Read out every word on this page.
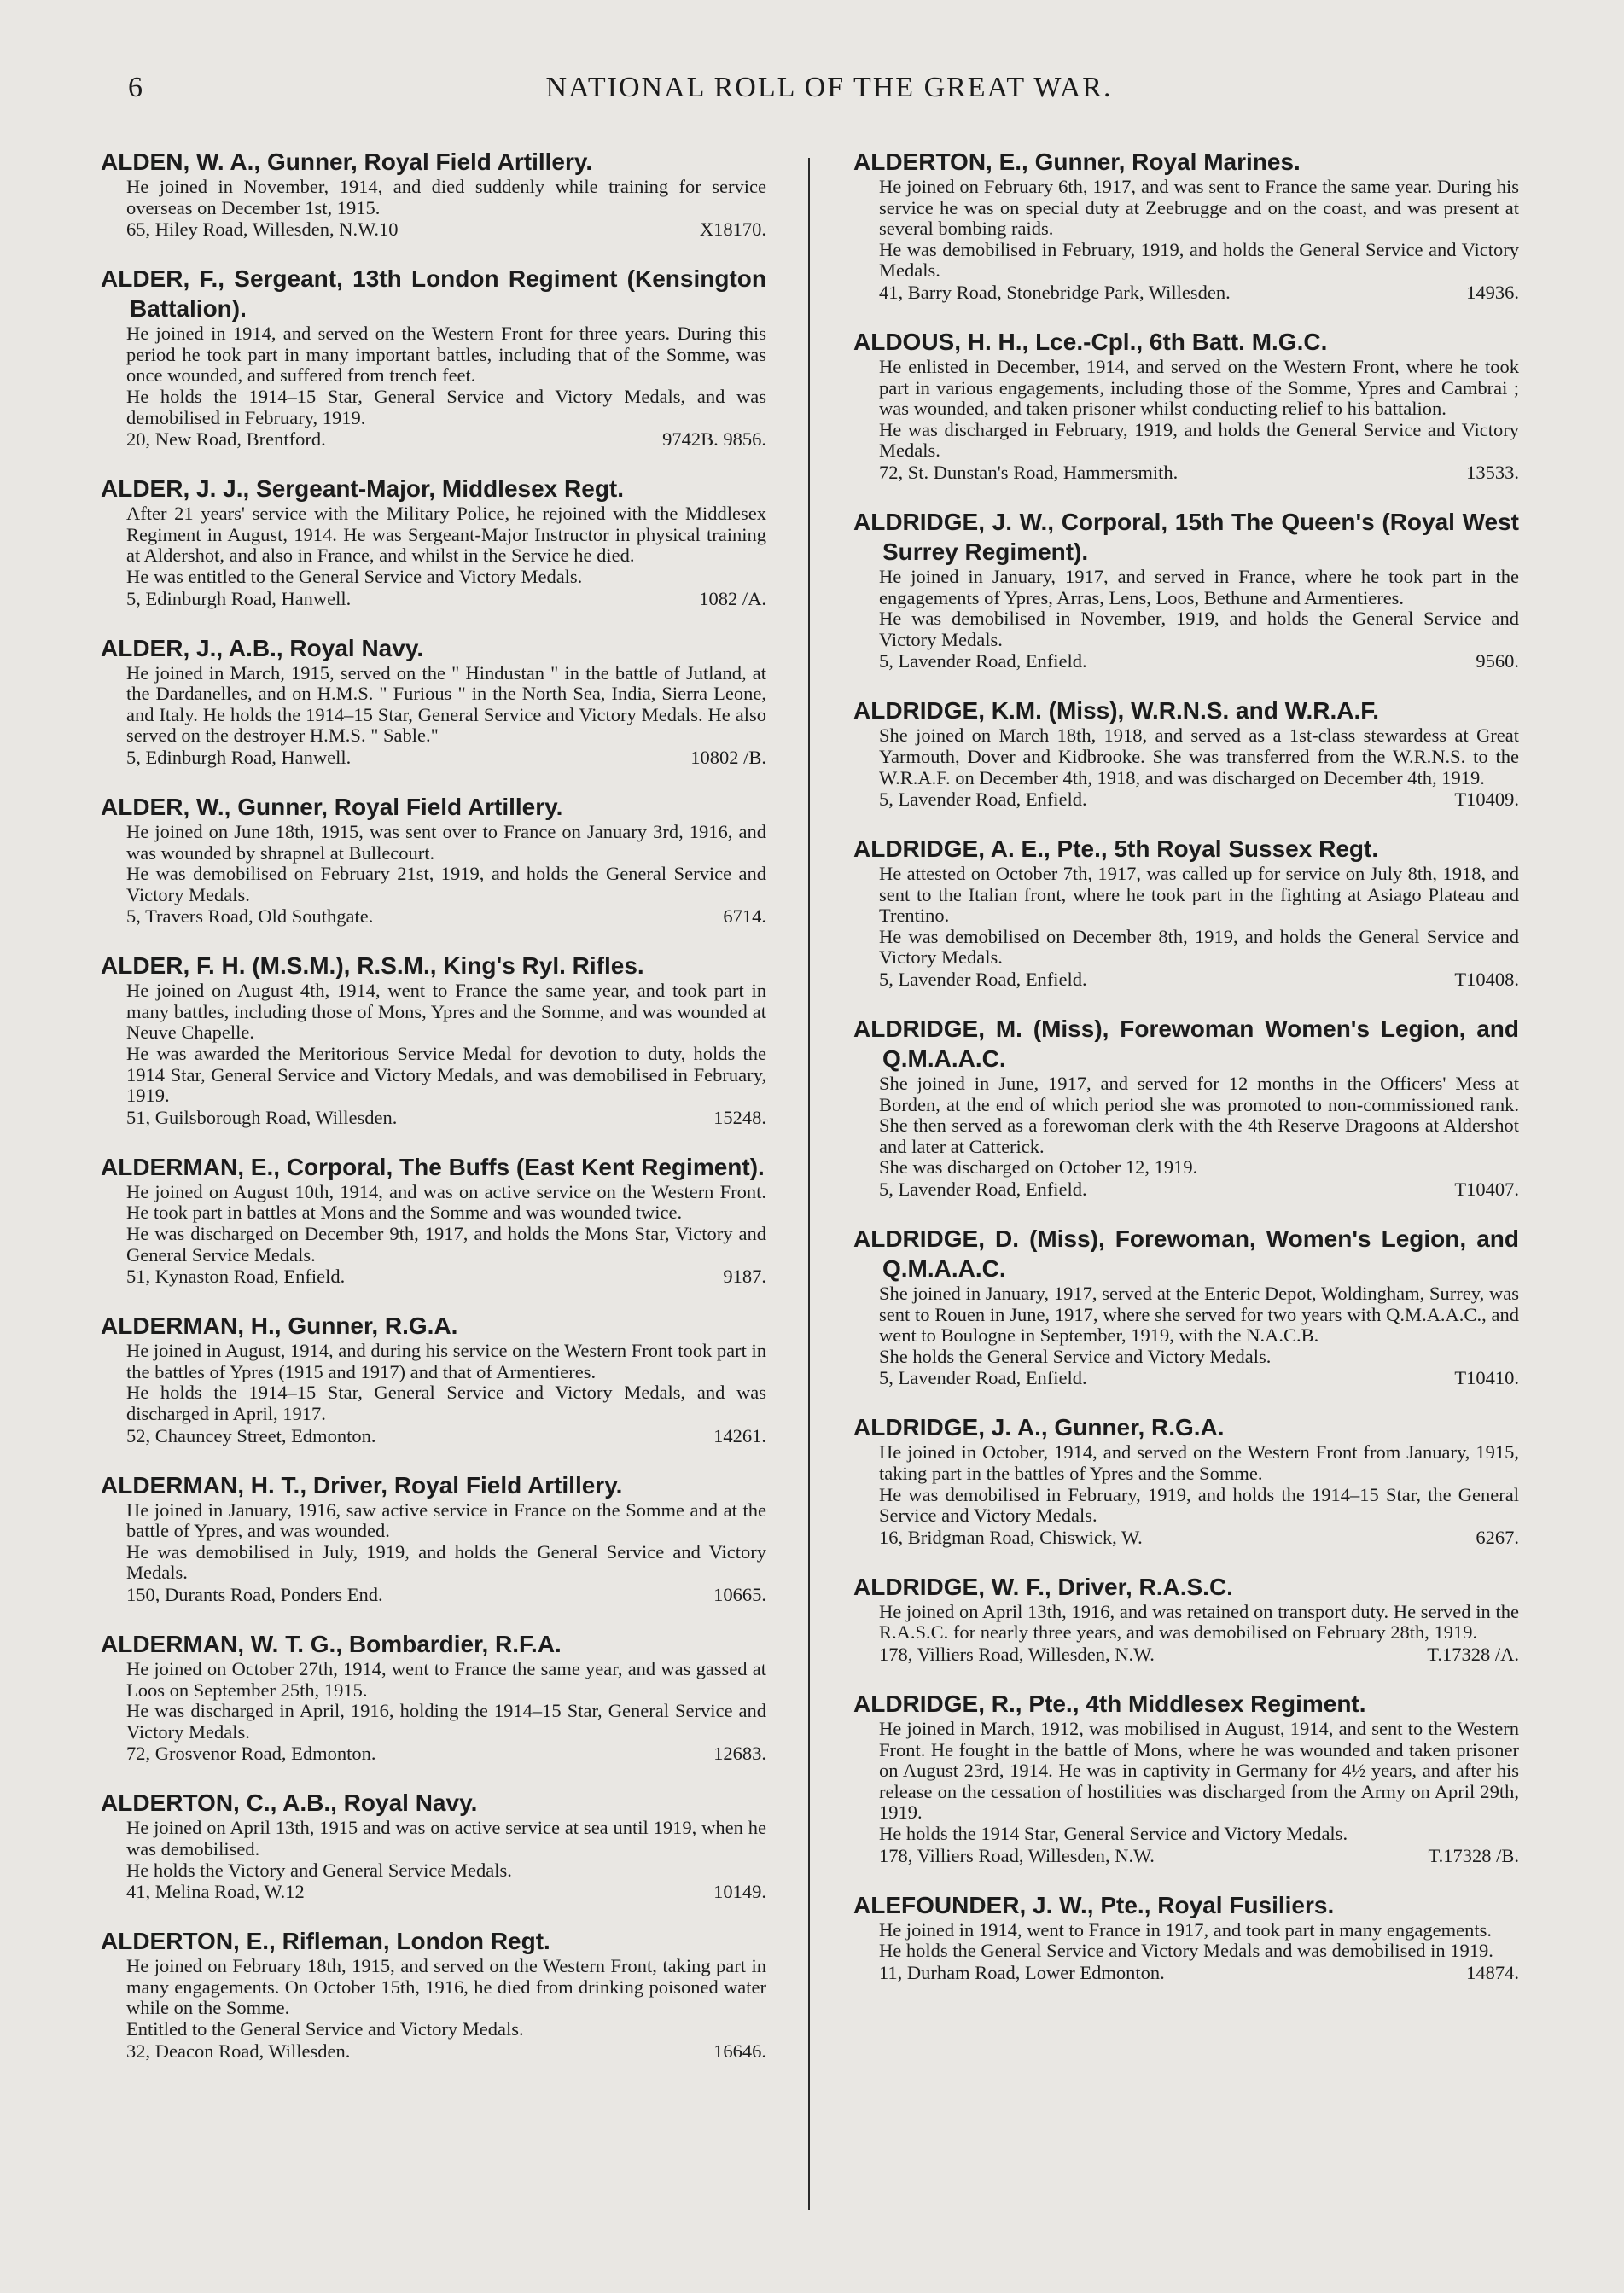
6	NATIONAL ROLL OF THE GREAT WAR.
ALDEN, W. A., Gunner, Royal Field Artillery.
He joined in November, 1914, and died suddenly while training for service overseas on December 1st, 1915.
65, Hiley Road, Willesden, N.W.10	X18170.
ALDER, F., Sergeant, 13th London Regiment (Kensington Battalion).
He joined in 1914, and served on the Western Front for three years. During this period he took part in many important battles, including that of the Somme, was once wounded, and suffered from trench feet.
He holds the 1914–15 Star, General Service and Victory Medals, and was demobilised in February, 1919.
20, New Road, Brentford.	9742B. 9856.
ALDER, J. J., Sergeant-Major, Middlesex Regt.
After 21 years' service with the Military Police, he rejoined with the Middlesex Regiment in August, 1914. He was Sergeant-Major Instructor in physical training at Aldershot, and also in France, and whilst in the Service he died.
He was entitled to the General Service and Victory Medals.
5, Edinburgh Road, Hanwell.	1082 /A.
ALDER, J., A.B., Royal Navy.
He joined in March, 1915, served on the " Hindustan " in the battle of Jutland, at the Dardanelles, and on H.M.S. " Furious " in the North Sea, India, Sierra Leone, and Italy. He holds the 1914–15 Star, General Service and Victory Medals. He also served on the destroyer H.M.S. " Sable."
5, Edinburgh Road, Hanwell.	10802 /B.
ALDER, W., Gunner, Royal Field Artillery.
He joined on June 18th, 1915, was sent over to France on January 3rd, 1916, and was wounded by shrapnel at Bullecourt.
He was demobilised on February 21st, 1919, and holds the General Service and Victory Medals.
5, Travers Road, Old Southgate.	6714.
ALDER, F. H. (M.S.M.), R.S.M., King's Ryl. Rifles.
He joined on August 4th, 1914, went to France the same year, and took part in many battles, including those of Mons, Ypres and the Somme, and was wounded at Neuve Chapelle.
He was awarded the Meritorious Service Medal for devotion to duty, holds the 1914 Star, General Service and Victory Medals, and was demobilised in February, 1919.
51, Guilsborough Road, Willesden.	15248.
ALDERMAN, E., Corporal, The Buffs (East Kent Regiment).
He joined on August 10th, 1914, and was on active service on the Western Front. He took part in battles at Mons and the Somme and was wounded twice.
He was discharged on December 9th, 1917, and holds the Mons Star, Victory and General Service Medals.
51, Kynaston Road, Enfield.	9187.
ALDERMAN, H., Gunner, R.G.A.
He joined in August, 1914, and during his service on the Western Front took part in the battles of Ypres (1915 and 1917) and that of Armentieres.
He holds the 1914–15 Star, General Service and Victory Medals, and was discharged in April, 1917.
52, Chauncey Street, Edmonton.	14261.
ALDERMAN, H. T., Driver, Royal Field Artillery.
He joined in January, 1916, saw active service in France on the Somme and at the battle of Ypres, and was wounded.
He was demobilised in July, 1919, and holds the General Service and Victory Medals.
150, Durants Road, Ponders End.	10665.
ALDERMAN, W. T. G., Bombardier, R.F.A.
He joined on October 27th, 1914, went to France the same year, and was gassed at Loos on September 25th, 1915.
He was discharged in April, 1916, holding the 1914–15 Star, General Service and Victory Medals.
72, Grosvenor Road, Edmonton.	12683.
ALDERTON, C., A.B., Royal Navy.
He joined on April 13th, 1915 and was on active service at sea until 1919, when he was demobilised.
He holds the Victory and General Service Medals.
41, Melina Road, W.12	10149.
ALDERTON, E., Rifleman, London Regt.
He joined on February 18th, 1915, and served on the Western Front, taking part in many engagements. On October 15th, 1916, he died from drinking poisoned water while on the Somme.
Entitled to the General Service and Victory Medals.
32, Deacon Road, Willesden.	16646.
ALDERTON, E., Gunner, Royal Marines.
He joined on February 6th, 1917, and was sent to France the same year. During his service he was on special duty at Zeebrugge and on the coast, and was present at several bombing raids.
He was demobilised in February, 1919, and holds the General Service and Victory Medals.
41, Barry Road, Stonebridge Park, Willesden.	14936.
ALDOUS, H. H., Lce.-Cpl., 6th Batt. M.G.C.
He enlisted in December, 1914, and served on the Western Front, where he took part in various engagements, including those of the Somme, Ypres and Cambrai ; was wounded, and taken prisoner whilst conducting relief to his battalion.
He was discharged in February, 1919, and holds the General Service and Victory Medals.
72, St. Dunstan's Road, Hammersmith.	13533.
ALDRIDGE, J. W., Corporal, 15th The Queen's (Royal West Surrey Regiment).
He joined in January, 1917, and served in France, where he took part in the engagements of Ypres, Arras, Lens, Loos, Bethune and Armentieres.
He was demobilised in November, 1919, and holds the General Service and Victory Medals.
5, Lavender Road, Enfield.	9560.
ALDRIDGE, K.M. (Miss), W.R.N.S. and W.R.A.F.
She joined on March 18th, 1918, and served as a 1st-class stewardess at Great Yarmouth, Dover and Kidbrooke. She was transferred from the W.R.N.S. to the W.R.A.F. on December 4th, 1918, and was discharged on December 4th, 1919.
5, Lavender Road, Enfield.	T10409.
ALDRIDGE, A. E., Pte., 5th Royal Sussex Regt.
He attested on October 7th, 1917, was called up for service on July 8th, 1918, and sent to the Italian front, where he took part in the fighting at Asiago Plateau and Trentino.
He was demobilised on December 8th, 1919, and holds the General Service and Victory Medals.
5, Lavender Road, Enfield.	T10408.
ALDRIDGE, M. (Miss), Forewoman Women's Legion, and Q.M.A.A.C.
She joined in June, 1917, and served for 12 months in the Officers' Mess at Borden, at the end of which period she was promoted to non-commissioned rank. She then served as a forewoman clerk with the 4th Reserve Dragoons at Aldershot and later at Catterick.
She was discharged on October 12, 1919.
5, Lavender Road, Enfield.	T10407.
ALDRIDGE, D. (Miss), Forewoman, Women's Legion, and Q.M.A.A.C.
She joined in January, 1917, served at the Enteric Depot, Woldingham, Surrey, was sent to Rouen in June, 1917, where she served for two years with Q.M.A.A.C., and went to Boulogne in September, 1919, with the N.A.C.B.
She holds the General Service and Victory Medals.
5, Lavender Road, Enfield.	T10410.
ALDRIDGE, J. A., Gunner, R.G.A.
He joined in October, 1914, and served on the Western Front from January, 1915, taking part in the battles of Ypres and the Somme.
He was demobilised in February, 1919, and holds the 1914–15 Star, the General Service and Victory Medals.
16, Bridgman Road, Chiswick, W.	6267.
ALDRIDGE, W. F., Driver, R.A.S.C.
He joined on April 13th, 1916, and was retained on transport duty. He served in the R.A.S.C. for nearly three years, and was demobilised on February 28th, 1919.
178, Villiers Road, Willesden, N.W.	T.17328 /A.
ALDRIDGE, R., Pte., 4th Middlesex Regiment.
He joined in March, 1912, was mobilised in August, 1914, and sent to the Western Front. He fought in the battle of Mons, where he was wounded and taken prisoner on August 23rd, 1914. He was in captivity in Germany for 4½ years, and after his release on the cessation of hostilities was discharged from the Army on April 29th, 1919.
He holds the 1914 Star, General Service and Victory Medals.
178, Villiers Road, Willesden, N.W.	T.17328 /B.
ALEFOUNDER, J. W., Pte., Royal Fusiliers.
He joined in 1914, went to France in 1917, and took part in many engagements.
He holds the General Service and Victory Medals and was demobilised in 1919.
11, Durham Road, Lower Edmonton.	14874.
